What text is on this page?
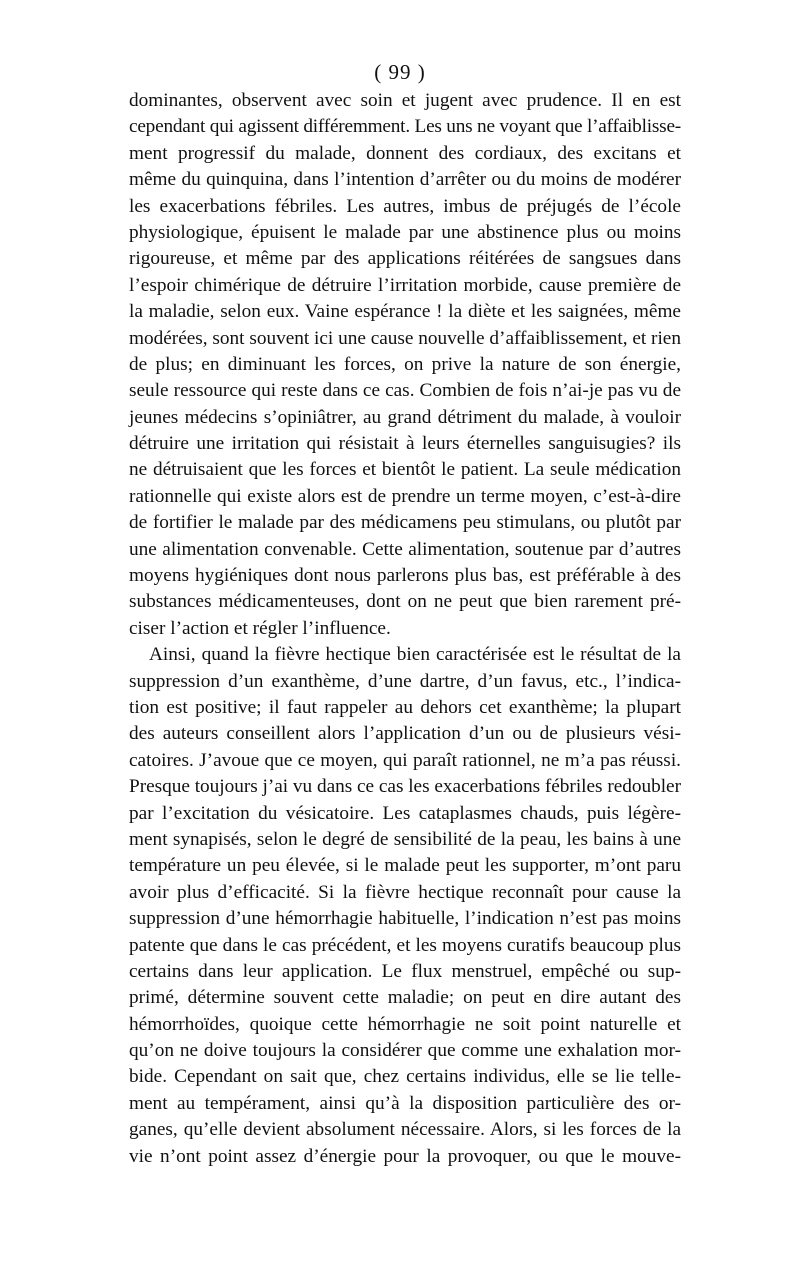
( 99 )
dominantes, observent avec soin et jugent avec prudence. Il en est
cependant qui agissent différemment. Les uns ne voyant que l’affaiblisse-
ment progressif du malade, donnent des cordiaux, des excitans et
même du quinquina, dans l’intention d’arrêter ou du moins de modérer
les exacerbations fébriles. Les autres, imbus de préjugés de l’école
physiologique, épuisent le malade par une abstinence plus ou moins
rigoureuse, et même par des applications réitérées de sangsues dans
l’espoir chimérique de détruire l’irritation morbide, cause première de
la maladie, selon eux. Vaine espérance ! la diète et les saignées, même
modérées, sont souvent ici une cause nouvelle d’affaiblissement, et rien
de plus; en diminuant les forces, on prive la nature de son énergie,
seule ressource qui reste dans ce cas. Combien de fois n’ai-je pas vu de
jeunes médecins s’opiniâtrer, au grand détriment du malade, à vouloir
détruire une irritation qui résistait à leurs éternelles sanguisugies? ils
ne détruisaient que les forces et bientôt le patient. La seule médication
rationnelle qui existe alors est de prendre un terme moyen, c’est-à-dire
de fortifier le malade par des médicamens peu stimulans, ou plutôt par
une alimentation convenable. Cette alimentation, soutenue par d’autres
moyens hygiéniques dont nous parlerons plus bas, est préférable à des
substances médicamenteuses, dont on ne peut que bien rarement pré-
ciser l’action et régler l’influence.
Ainsi, quand la fièvre hectique bien caractérisée est le résultat de la
suppression d’un exanthème, d’une dartre, d’un favus, etc., l’indica-
tion est positive; il faut rappeler au dehors cet exanthème; la plupart
des auteurs conseillent alors l’application d’un ou de plusieurs vési-
catoires. J’avoue que ce moyen, qui paraît rationnel, ne m’a pas réussi.
Presque toujours j’ai vu dans ce cas les exacerbations fébriles redoubler
par l’excitation du vésicatoire. Les cataplasmes chauds, puis légère-
ment synapisés, selon le degré de sensibilité de la peau, les bains à une
température un peu élevée, si le malade peut les supporter, m’ont paru
avoir plus d’efficacité. Si la fièvre hectique reconnaît pour cause la
suppression d’une hémorrhagie habituelle, l’indication n’est pas moins
patente que dans le cas précédent, et les moyens curatifs beaucoup plus
certains dans leur application. Le flux menstruel, empêché ou sup-
primé, détermine souvent cette maladie; on peut en dire autant des
hémorrhoïdes, quoique cette hémorrhagie ne soit point naturelle et
qu’on ne doive toujours la considérer que comme une exhalation mor-
bide. Cependant on sait que, chez certains individus, elle se lie telle-
ment au tempérament, ainsi qu’à la disposition particulière des or-
ganes, qu’elle devient absolument nécessaire. Alors, si les forces de la
vie n’ont point assez d’énergie pour la provoquer, ou que le mouve-
